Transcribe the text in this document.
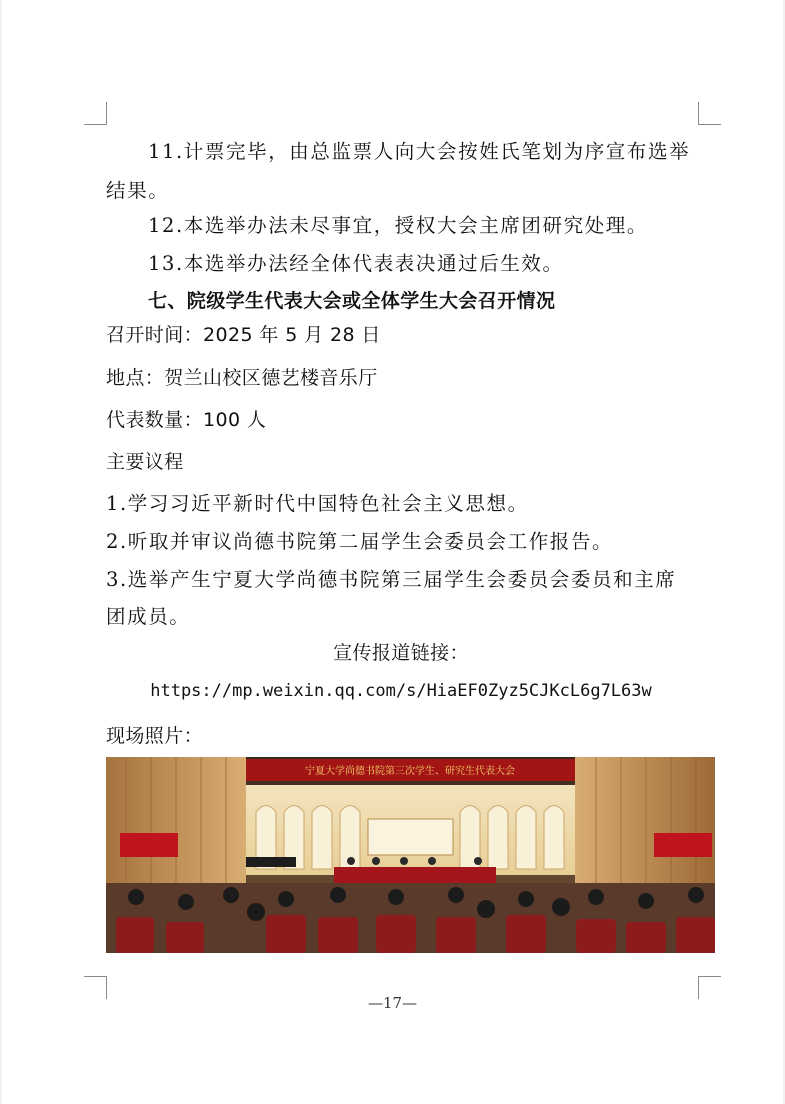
11.计票完毕，由总监票人向大会按姓氏笔划为序宣布选举
结果。
12.本选举办法未尽事宜，授权大会主席团研究处理。
13.本选举办法经全体代表表决通过后生效。
七、院级学生代表大会或全体学生大会召开情况
召开时间：2025 年 5 月 28 日
地点：贺兰山校区德艺楼音乐厅
代表数量：100 人
主要议程
1.学习习近平新时代中国特色社会主义思想。
2.听取并审议尚德书院第二届学生会委员会工作报告。
3.选举产生宁夏大学尚德书院第三届学生会委员会委员和主席
团成员。
宣传报道链接：
https://mp.weixin.qq.com/s/HiaEF0Zyz5CJKcL6g7L63w
现场照片：
宁夏大学尚德书院第三次学生、研究生代表大会
—17—
